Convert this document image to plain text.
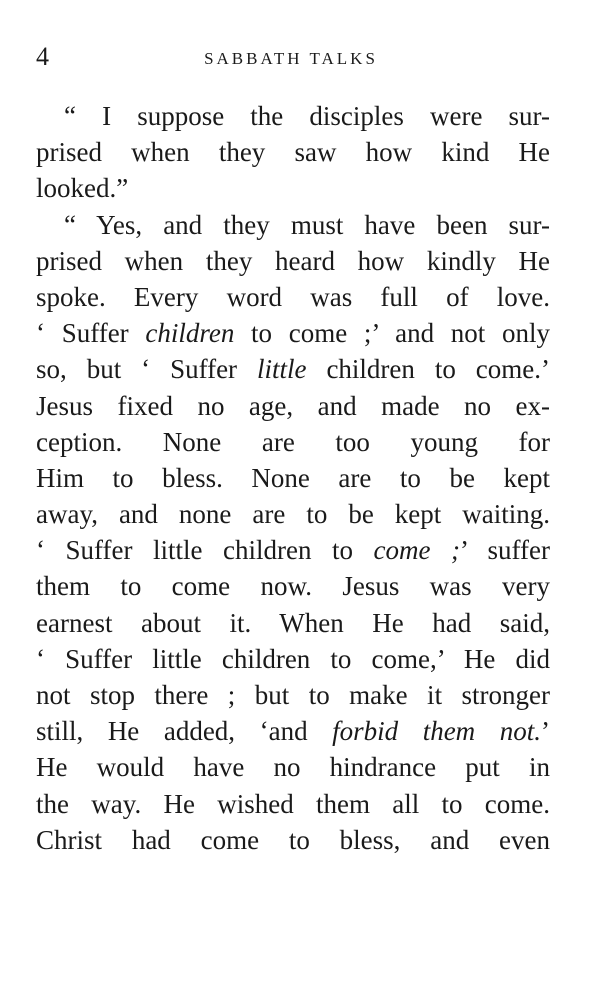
4	SABBATH TALKS
“ I suppose the disciples were sur-
prised when they saw how kind He
looked.”
“ Yes, and they must have been sur-
prised when they heard how kindly He
spoke. Every word was full of love.
‘ Suffer children to come ;’ and not only
so, but ‘ Suffer little children to come.’
Jesus fixed no age, and made no ex-
ception. None are too young for
Him to bless. None are to be kept
away, and none are to be kept waiting.
‘ Suffer little children to come ;’ suffer
them to come now. Jesus was very
earnest about it. When He had said,
‘ Suffer little children to come,’ He did
not stop there ; but to make it stronger
still, He added, ‘and forbid them not.’
He would have no hindrance put in
the way. He wished them all to come.
Christ had come to bless, and even
